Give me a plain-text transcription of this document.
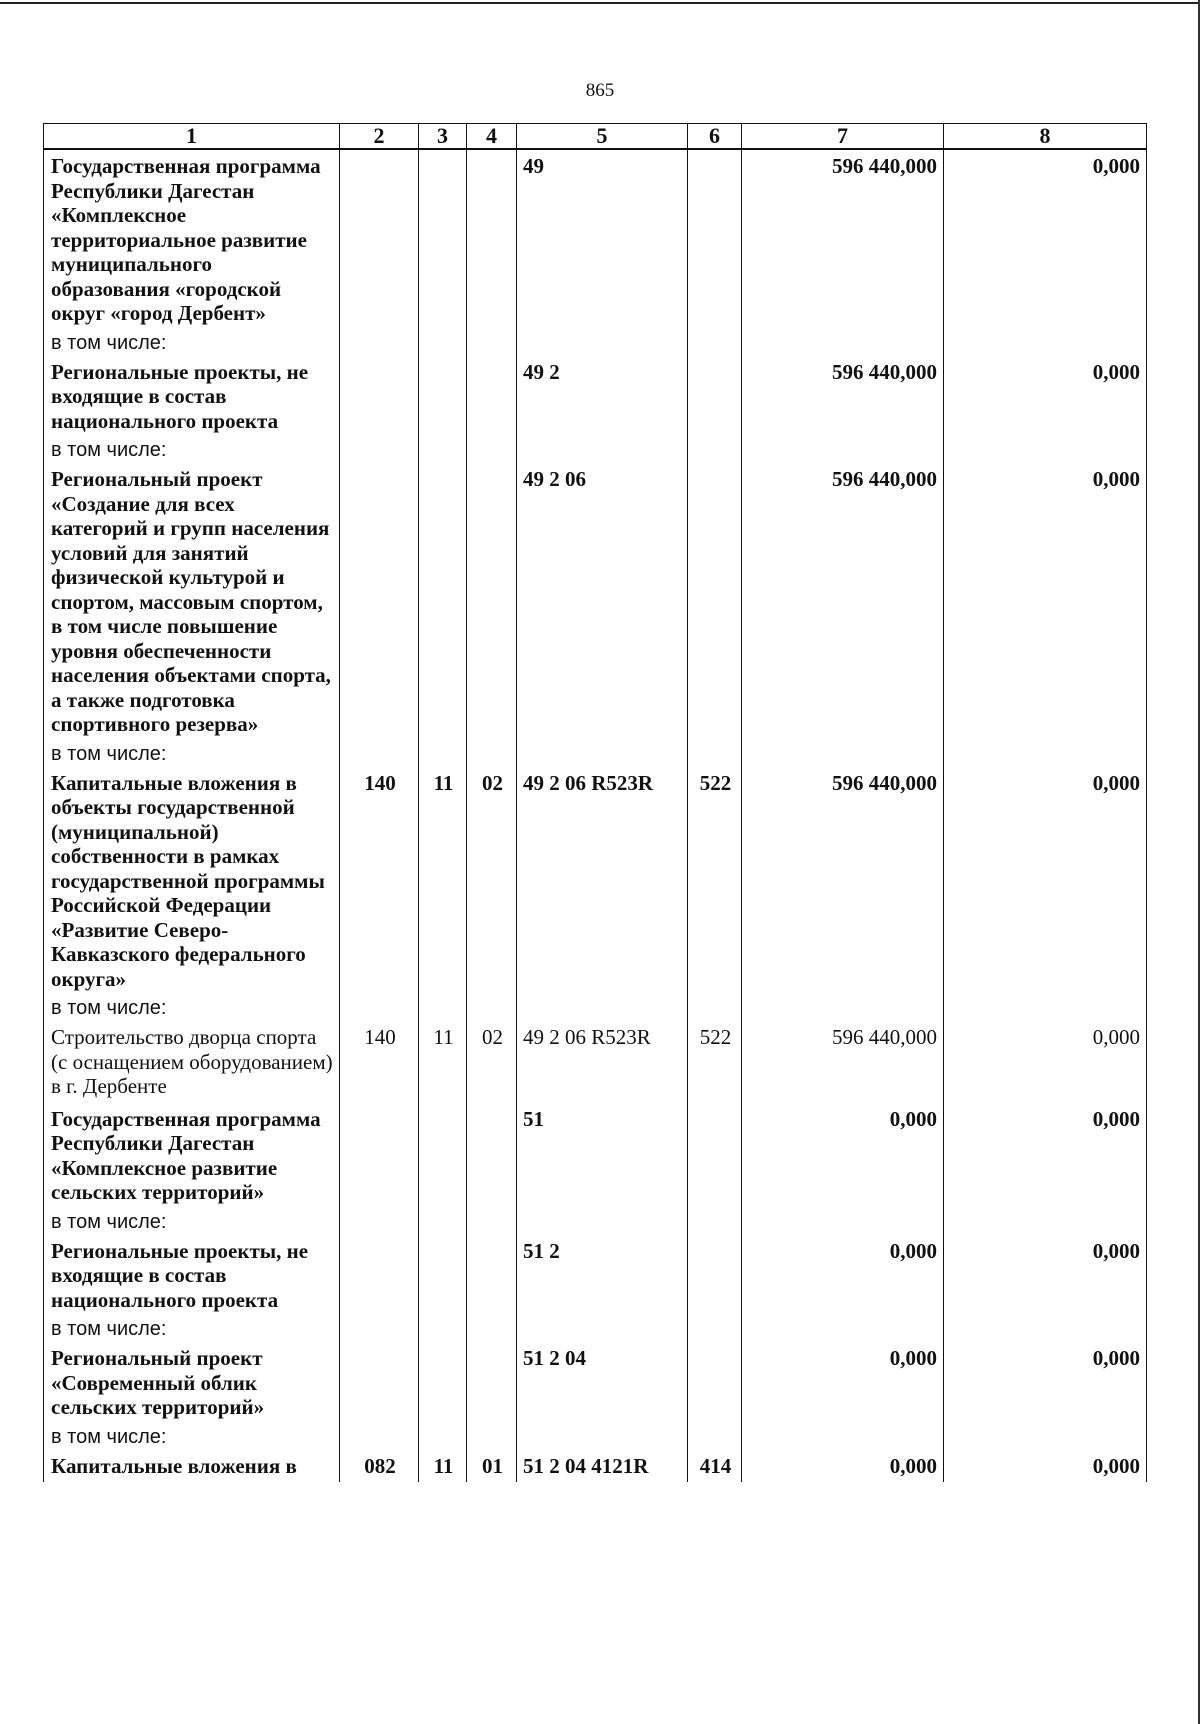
865
1	2	3	4	5	6	7	8
Государственная программа Республики Дагестан «Комплексное территориальное развитие муниципального образования «городской округ «город Дербент»				49		596 440,000	0,000
в том числе:							
Региональные проекты, не входящие в состав национального проекта				49 2		596 440,000	0,000
в том числе:							
Региональный проект «Создание для всех категорий и групп населения условий для занятий физической культурой и спортом, массовым спортом, в том числе повышение уровня обеспеченности населения объектами спорта, а также подготовка спортивного резерва»				49 2 06		596 440,000	0,000
в том числе:							
Капитальные вложения в объекты государственной (муниципальной) собственности в рамках государственной программы Российской Федерации «Развитие Северо-Кавказского федерального округа»	140	11	02	49 2 06 R523R	522	596 440,000	0,000
в том числе:							
Строительство дворца спорта (с оснащением оборудованием) в г. Дербенте	140	11	02	49 2 06 R523R	522	596 440,000	0,000
Государственная программа Республики Дагестан «Комплексное развитие сельских территорий»				51		0,000	0,000
в том числе:							
Региональные проекты, не входящие в состав национального проекта				51 2		0,000	0,000
в том числе:							
Региональный проект «Современный облик сельских территорий»				51 2 04		0,000	0,000
в том числе:							
Капитальные вложения в	082	11	01	51 2 04 4121R	414	0,000	0,000
